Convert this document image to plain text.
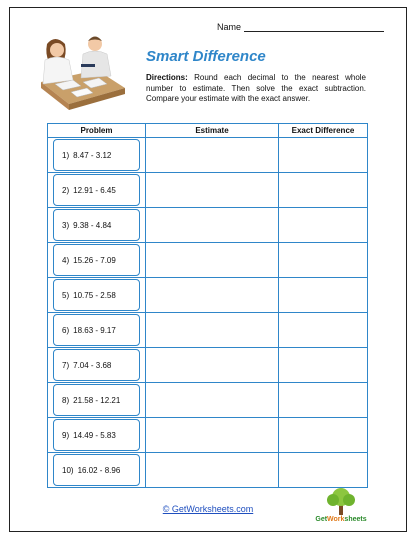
Name
Smart Difference
Directions: Round each decimal to the nearest whole number to estimate. Then solve the exact subtraction. Compare your estimate with the exact answer.
Problem	Estimate	Exact Difference

1) 8.47 - 3.12		

2) 12.91 - 6.45		

3) 9.38 - 4.84		

4) 15.26 - 7.09		

5) 10.75 - 2.58		

6) 18.63 - 9.17		

7) 7.04 - 3.68		

8) 21.58 - 12.21		

9) 14.49 - 5.83		

10) 16.02 - 8.96		

© GetWorksheets.com
GetWorksheets
